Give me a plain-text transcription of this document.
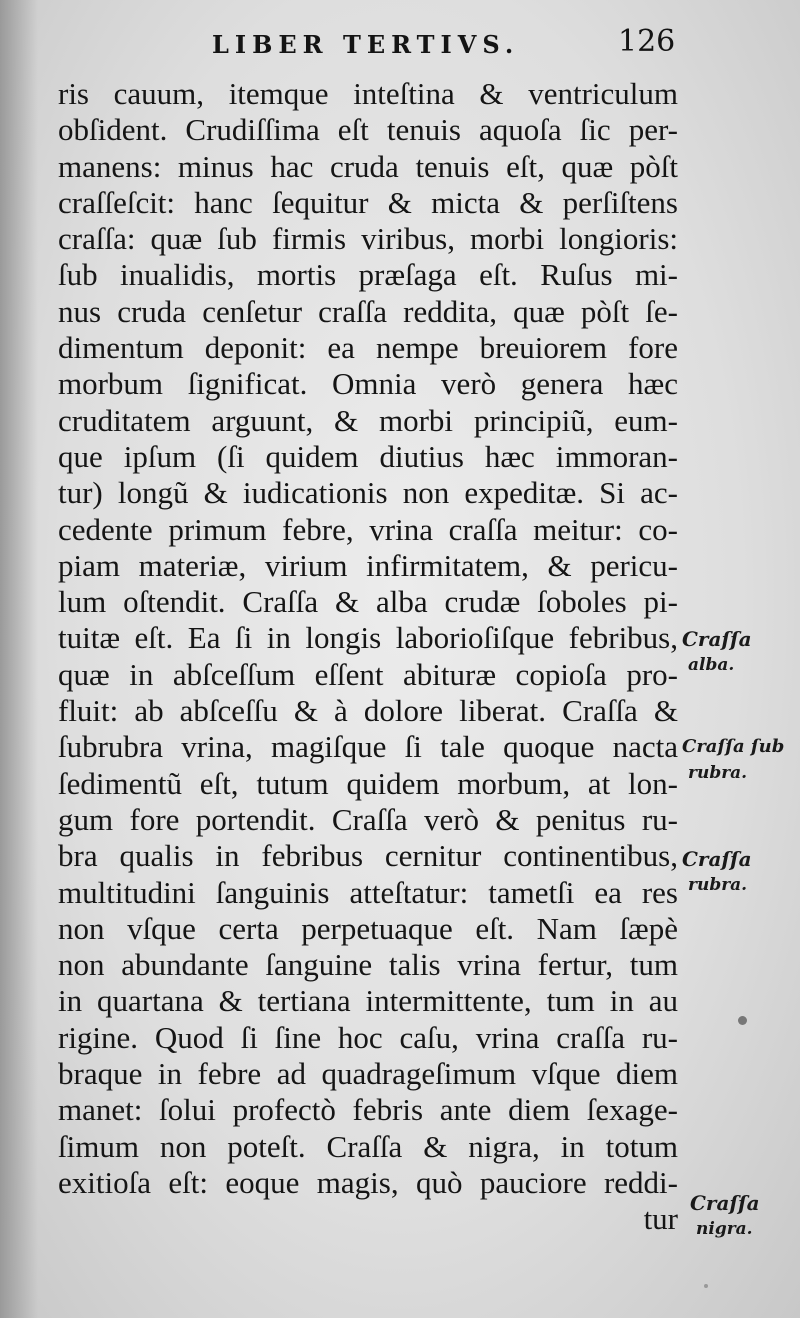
LIBER TERTIVS.	126
ris cauum, itemque inteſtina & ventriculum
obſident. Crudiſſima eſt tenuis aquoſa ſic per-
manens: minus hac cruda tenuis eſt, quæ pòſt
craſſeſcit: hanc ſequitur & micta & perſiſtens
craſſa: quæ ſub firmis viribus, morbi longioris:
ſub inualidis, mortis præſaga eſt. Ruſus mi-
nus cruda cenſetur craſſa reddita, quæ pòſt ſe-
dimentum deponit: ea nempe breuiorem fore
morbum ſignificat. Omnia verò genera hæc
cruditatem arguunt, & morbi principiũ, eum-
que ipſum (ſi quidem diutius hæc immoran-
tur) longũ & iudicationis non expeditæ. Si ac-
cedente primum febre, vrina craſſa meitur: co-
piam materiæ, virium infirmitatem, & pericu-
lum oſtendit. Craſſa & alba crudæ ſoboles pi-
tuitæ eſt. Ea ſi in longis laborioſiſque febribus,
quæ in abſceſſum eſſent abituræ copioſa pro-
fluit: ab abſceſſu & à dolore liberat. Craſſa &
ſubrubra vrina, magiſque ſi tale quoque nacta
ſedimentũ eſt, tutum quidem morbum, at lon-
gum fore portendit. Craſſa verò & penitus ru-
bra qualis in febribus cernitur continentibus,
multitudini ſanguinis atteſtatur: tametſi ea res
non vſque certa perpetuaque eſt. Nam ſæpè
non abundante ſanguine talis vrina fertur, tum
in quartana & tertiana intermittente, tum in au
rigine. Quod ſi ſine hoc caſu, vrina craſſa ru-
braque in febre ad quadrageſimum vſque diem
manet: ſolui profectò febris ante diem ſexage-
ſimum non poteſt. Craſſa & nigra, in totum
exitioſa eſt: eoque magis, quò pauciore reddi-
tur
Craſſa
alba.
Craſſa ſub
rubra.
Craſſa
rubra.
Craſſa
nigra.
